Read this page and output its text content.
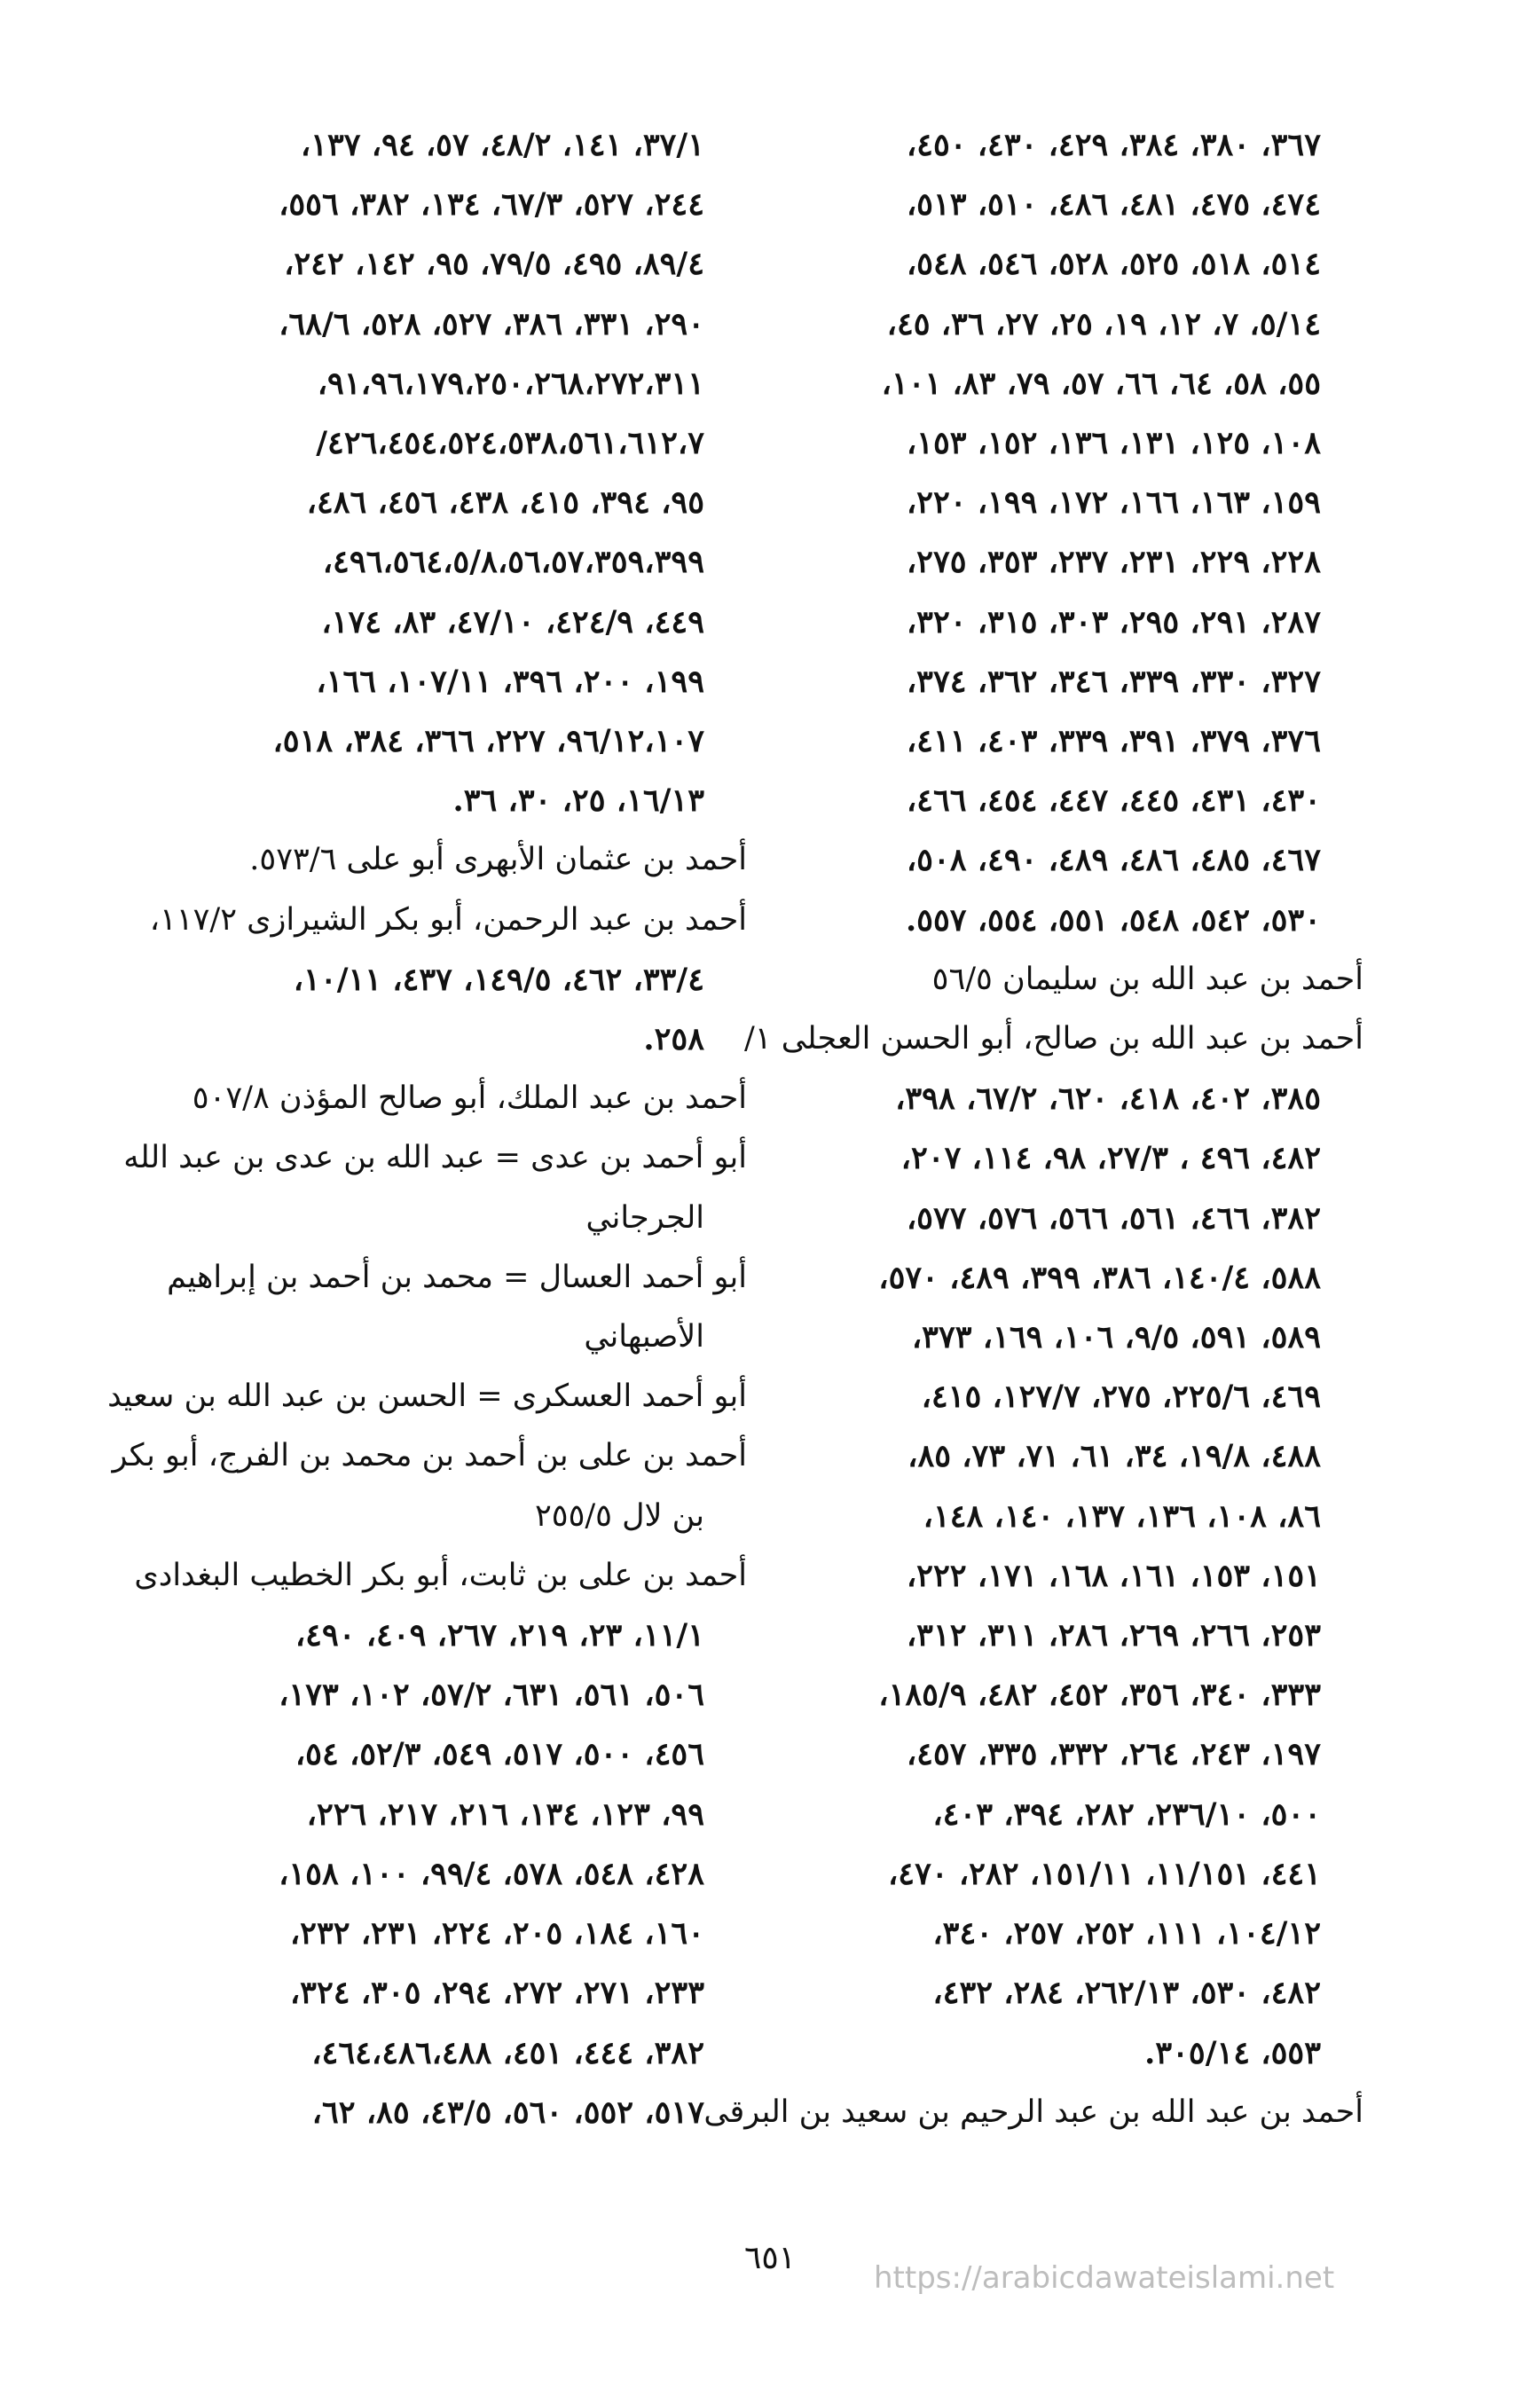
٣٦٧، ٣٨٠، ٣٨٤، ٤٢٩، ٤٣٠، ٤٥٠،
٤٧٤، ٤٧٥، ٤٨١، ٤٨٦، ٥١٠، ٥١٣،
٥١٤، ٥١٨، ٥٢٥، ٥٢٨، ٥٤٦، ٥٤٨،
٥/١٤، ٧، ١٢، ١٩، ٢٥، ٢٧، ٣٦، ٤٥،
٥٥، ٥٨، ٦٤، ٦٦، ٥٧، ٧٩، ٨٣، ١٠١،
١٠٨، ١٢٥، ١٣١، ١٣٦، ١٥٢، ١٥٣،
١٥٩، ١٦٣، ١٦٦، ١٧٢، ١٩٩، ٢٢٠،
٢٢٨، ٢٢٩، ٢٣١، ٢٣٧، ٣٥٣، ٢٧٥،
٢٨٧، ٢٩١، ٢٩٥، ٣٠٣، ٣١٥، ٣٢٠،
٣٢٧، ٣٣٠، ٣٣٩، ٣٤٦، ٣٦٢، ٣٧٤،
٣٧٦، ٣٧٩، ٣٩١، ٣٣٩، ٤٠٣، ٤١١،
٤٣٠، ٤٣١، ٤٤٥، ٤٤٧، ٤٥٤، ٤٦٦،
٤٦٧، ٤٨٥، ٤٨٦، ٤٨٩، ٤٩٠، ٥٠٨،
٥٣٠، ٥٤٢، ٥٤٨، ٥٥١، ٥٥٤، ٥٥٧.
أحمد بن عبد الله بن سليمان ٥٦/٥
أحمد بن عبد الله بن صالح، أبو الحسن العجلى ١/
٣٨٥، ٤٠٢، ٤١٨، ٦٢٠، ٦٧/٢، ٣٩٨،
٤٨٢، ٤٩٦ ، ٢٧/٣، ٩٨، ١١٤، ٢٠٧،
٣٨٢، ٤٦٦، ٥٦١، ٥٦٦، ٥٧٦، ٥٧٧،
٥٨٨، ١٤٠/٤، ٣٨٦، ٣٩٩، ٤٨٩، ٥٧٠،
٥٨٩، ٥٩١، ٩/٥، ١٠٦، ١٦٩، ٣٧٣،
٤٦٩، ٢٢٥/٦، ٢٧٥، ١٢٧/٧، ٤١٥،
٤٨٨، ١٩/٨، ٣٤، ٦١، ٧١، ٧٣، ٨٥،
٨٦، ١٠٨، ١٣٦، ١٣٧، ١٤٠، ١٤٨،
١٥١، ١٥٣، ١٦١، ١٦٨، ١٧١، ٢٢٢،
٢٥٣، ٢٦٦، ٢٦٩، ٢٨٦، ٣١١، ٣١٢،
٣٣٣، ٣٤٠، ٣٥٦، ٤٥٢، ٤٨٢، ١٨٥/٩،
١٩٧، ٢٤٣، ٢٦٤، ٣٣٢، ٣٣٥، ٤٥٧،
٥٠٠، ٢٣٦/١٠، ٢٨٢، ٣٩٤، ٤٠٣،
٤٤١، ١١/١٥١، ١٥١/١١، ٢٨٢، ٤٧٠،
١٠٤/١٢، ١١١، ٢٥٢، ٢٥٧، ٣٤٠،
٤٨٢، ٥٣٠، ٢٦٢/١٣، ٢٨٤، ٤٣٢،
٥٥٣، ٣٠٥/١٤.
أحمد بن عبد الله بن عبد الرحيم بن سعيد بن البرقى
٣٧/١، ١٤١، ٤٨/٢، ٥٧، ٩٤، ١٣٧،
٢٤٤، ٥٢٧، ٦٧/٣، ١٣٤، ٣٨٢، ٥٥٦،
٨٩/٤، ٤٩٥، ٧٩/٥، ٩٥، ١٤٢، ٢٤٢،
٢٩٠، ٣٣١، ٣٨٦، ٥٢٧، ٥٢٨، ٦٨/٦،
٩١،٩٦،١٧٩،٢٥٠،٢٦٨،٢٧٢،٣١١،
٤٢٦،٤٥٤،٥٢٤،٥٣٨،٥٦١،٦١٢،٧/
٩٥، ٣٩٤، ٤١٥، ٤٣٨، ٤٥٦، ٤٨٦،
٤٩٦،٥٦٤،٥/٨،٥٦،٥٧،٣٥٩،٣٩٩،
٤٤٩، ٤٢٤/٩، ٤٧/١٠، ٨٣، ١٧٤،
١٩٩، ٢٠٠، ٣٩٦، ١٠٧/١١، ١٦٦،
٩٦/١٢،١٠٧، ٢٢٧، ٣٦٦، ٣٨٤، ٥١٨،
١٦/١٣، ٢٥، ٣٠، ٣٦.
أحمد بن عثمان الأبهرى أبو على ٥٧٣/٦.
أحمد بن عبد الرحمن، أبو بكر الشيرازى ١١٧/٢،
٣٣/٤، ٤٦٢، ١٤٩/٥، ٤٣٧، ١٠/١١،
٢٥٨.
أحمد بن عبد الملك، أبو صالح المؤذن ٥٠٧/٨
أبو أحمد بن عدى = عبد الله بن عدى بن عبد الله
الجرجاني
أبو أحمد العسال = محمد بن أحمد بن إبراهيم
الأصبهاني
أبو أحمد العسكرى = الحسن بن عبد الله بن سعيد
أحمد بن على بن أحمد بن محمد بن الفرج، أبو بكر
بن لال ٢٥٥/٥
أحمد بن على بن ثابت، أبو بكر الخطيب البغدادى
١١/١، ٢٣، ٢١٩، ٢٦٧، ٤٠٩، ٤٩٠،
٥٠٦، ٥٦١، ٦٣١، ٥٧/٢، ١٠٢، ١٧٣،
٤٥٦، ٥٠٠، ٥١٧، ٥٤٩، ٥٢/٣، ٥٤،
٩٩، ١٢٣، ١٣٤، ٢١٦، ٢١٧، ٢٢٦،
٤٢٨، ٥٤٨، ٥٧٨، ٩٩/٤، ١٠٠، ١٥٨،
١٦٠، ١٨٤، ٢٠٥، ٢٢٤، ٢٣١، ٢٣٢،
٢٣٣، ٢٧١، ٢٧٢، ٢٩٤، ٣٠٥، ٣٢٤،
٣٨٢، ٤٤٤، ٤٥١، ٤٦٤،٤٨٦،٤٨٨،
٥١٧، ٥٥٢، ٥٦٠، ٤٣/٥، ٨٥، ٦٢،
٦٥١
https://arabicdawateislami.net
